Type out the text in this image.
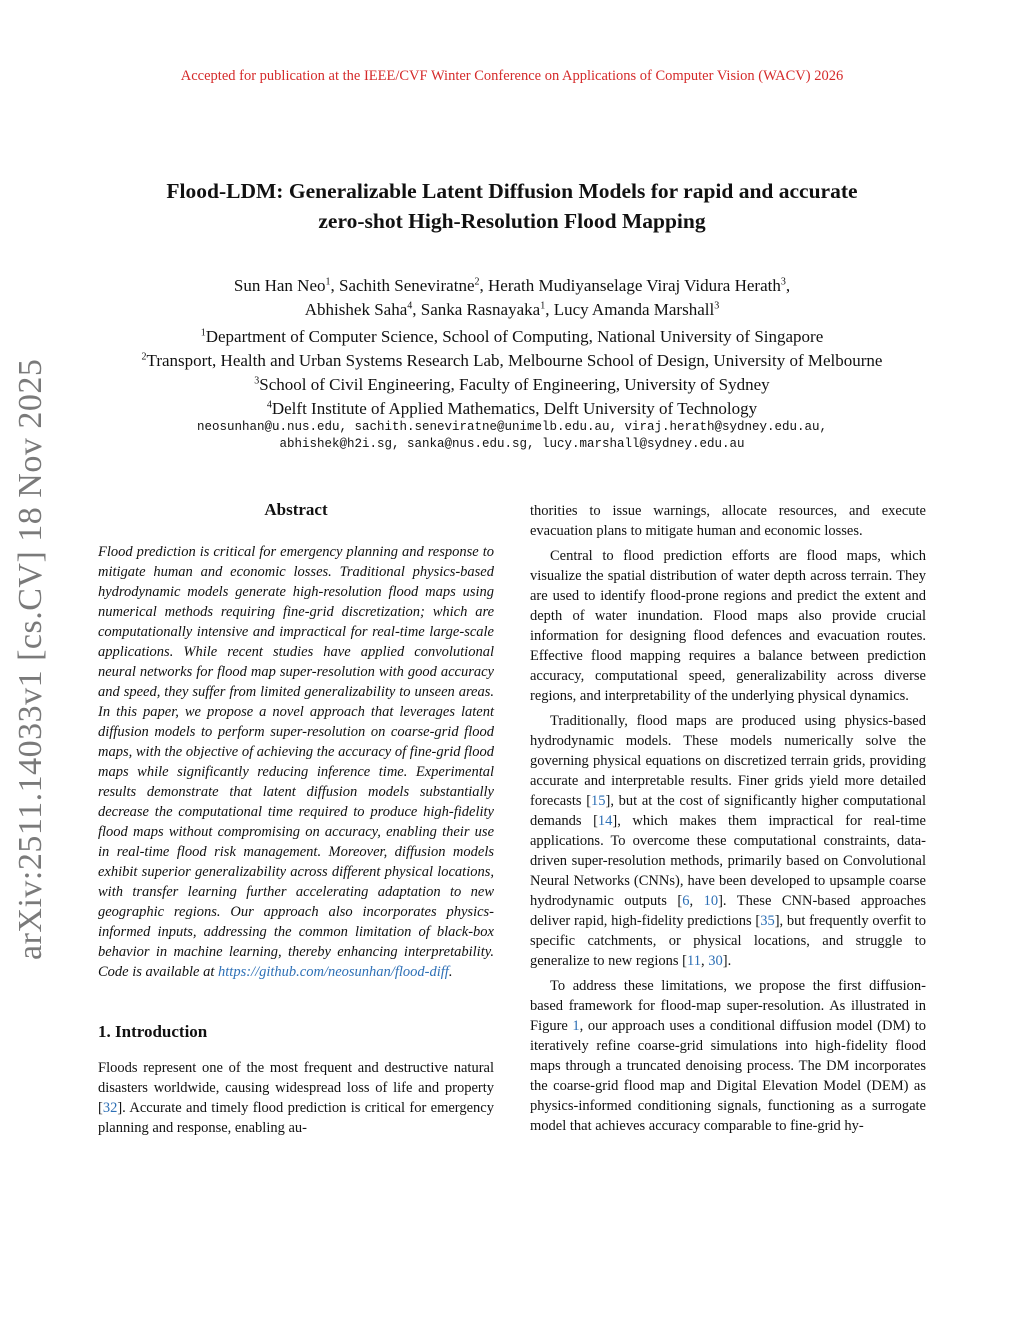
Accepted for publication at the IEEE/CVF Winter Conference on Applications of Computer Vision (WACV) 2026
Flood-LDM: Generalizable Latent Diffusion Models for rapid and accurate
zero-shot High-Resolution Flood Mapping
Sun Han Neo$^1$, Sachith Seneviratne$^2$, Herath Mudiyanselage Viraj Vidura Herath$^3$,
Abhishek Saha$^4$, Sanka Rasnayaka$^1$, Lucy Amanda Marshall$^3$
$^1$Department of Computer Science, School of Computing, National University of Singapore
$^2$Transport, Health and Urban Systems Research Lab, Melbourne School of Design, University of Melbourne
$^3$School of Civil Engineering, Faculty of Engineering, University of Sydney
$^4$Delft Institute of Applied Mathematics, Delft University of Technology
neosunhan@u.nus.edu, sachith.seneviratne@unimelb.edu.au, viraj.herath@sydney.edu.au,
abhishek@h2i.sg, sanka@nus.edu.sg, lucy.marshall@sydney.edu.au
arXiv:2511.14033v1 [cs.CV] 18 Nov 2025	Abstract

Flood prediction is critical for emergency planning and response to mitigate human and economic losses. Traditional physics-based hydrodynamic models generate high-resolution flood maps using numerical methods requiring fine-grid discretization; which are computationally intensive and impractical for real-time large-scale applications. While recent studies have applied convolutional neural networks for flood map super-resolution with good accuracy and speed, they suffer from limited generalizability to unseen areas. In this paper, we propose a novel approach that leverages latent diffusion models to perform super-resolution on coarse-grid flood maps, with the objective of achieving the accuracy of fine-grid flood maps while significantly reducing inference time. Experimental results demonstrate that latent diffusion models substantially decrease the computational time required to produce high-fidelity flood maps without compromising on accuracy, enabling their use in real-time flood risk management. Moreover, diffusion models exhibit superior generalizability across different physical locations, with transfer learning further accelerating adaptation to new geographic regions. Our approach also incorporates physics-informed inputs, addressing the common limitation of black-box behavior in machine learning, thereby enhancing interpretability. Code is available at https://github.com/neosunhan/flood-diff.

1. Introduction

Floods represent one of the most frequent and destructive natural disasters worldwide, causing widespread loss of life and property [32]. Accurate and timely flood prediction is critical for emergency planning and response, enabling au-

thorities to issue warnings, allocate resources, and execute evacuation plans to mitigate human and economic losses.

Central to flood prediction efforts are flood maps, which visualize the spatial distribution of water depth across terrain. They are used to identify flood-prone regions and predict the extent and depth of water inundation. Flood maps also provide crucial information for designing flood defences and evacuation routes. Effective flood mapping requires a balance between prediction accuracy, computational speed, generalizability across diverse regions, and interpretability of the underlying physical dynamics.

Traditionally, flood maps are produced using physics-based hydrodynamic models. These models numerically solve the governing physical equations on discretized terrain grids, providing accurate and interpretable results. Finer grids yield more detailed forecasts [15], but at the cost of significantly higher computational demands [14], which makes them impractical for real-time applications. To overcome these computational constraints, data-driven super-resolution methods, primarily based on Convolutional Neural Networks (CNNs), have been developed to upsample coarse hydrodynamic outputs [6, 10]. These CNN-based approaches deliver rapid, high-fidelity predictions [35], but frequently overfit to specific catchments, or physical locations, and struggle to generalize to new regions [11, 30].

To address these limitations, we propose the first diffusion-based framework for flood-map super-resolution. As illustrated in Figure 1, our approach uses a conditional diffusion model (DM) to iteratively refine coarse-grid simulations into high-fidelity flood maps through a truncated denoising process. The DM incorporates the coarse-grid flood map and Digital Elevation Model (DEM) as physics-informed conditioning signals, functioning as a surrogate model that achieves accuracy comparable to fine-grid hy-
